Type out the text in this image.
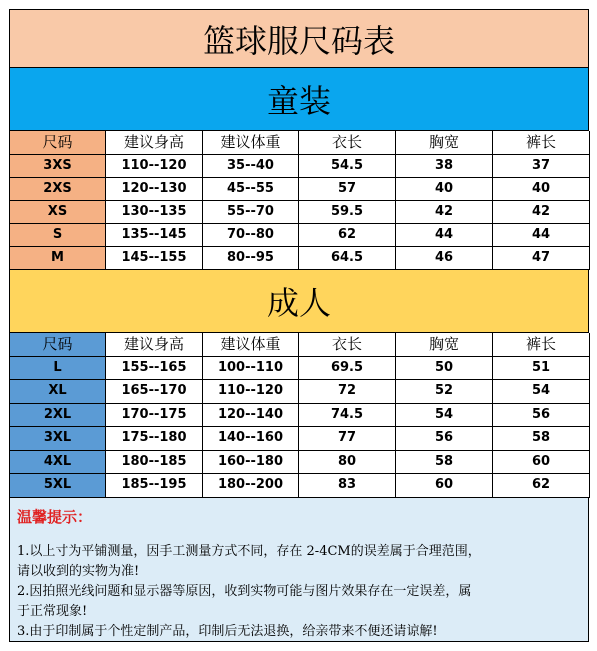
篮球服尺码表
童装
尺码	建议身高	建议体重	衣长	胸宽	裤长
3XS	110--120	35--40	54.5	38	37
2XS	120--130	45--55	57	40	40
XS	130--135	55--70	59.5	42	42
S	135--145	70--80	62	44	44
M	145--155	80--95	64.5	46	47
成人
尺码	建议身高	建议体重	衣长	胸宽	裤长
L	155--165	100--110	69.5	50	51
XL	165--170	110--120	72	52	54
2XL	170--175	120--140	74.5	54	56
3XL	175--180	140--160	77	56	58
4XL	180--185	160--180	80	58	60
5XL	185--195	180--200	83	60	62
温馨提示：

1.以上寸为平铺测量，因手工测量方式不同，存在 2-4CM的误差属于合理范围，

请以收到的实物为准!

2.因拍照光线问题和显示器等原因，收到实物可能与图片效果存在一定误差，属

于正常现象!

3.由于印制属于个性定制产品，印制后无法退换，给亲带来不便还请谅解!
